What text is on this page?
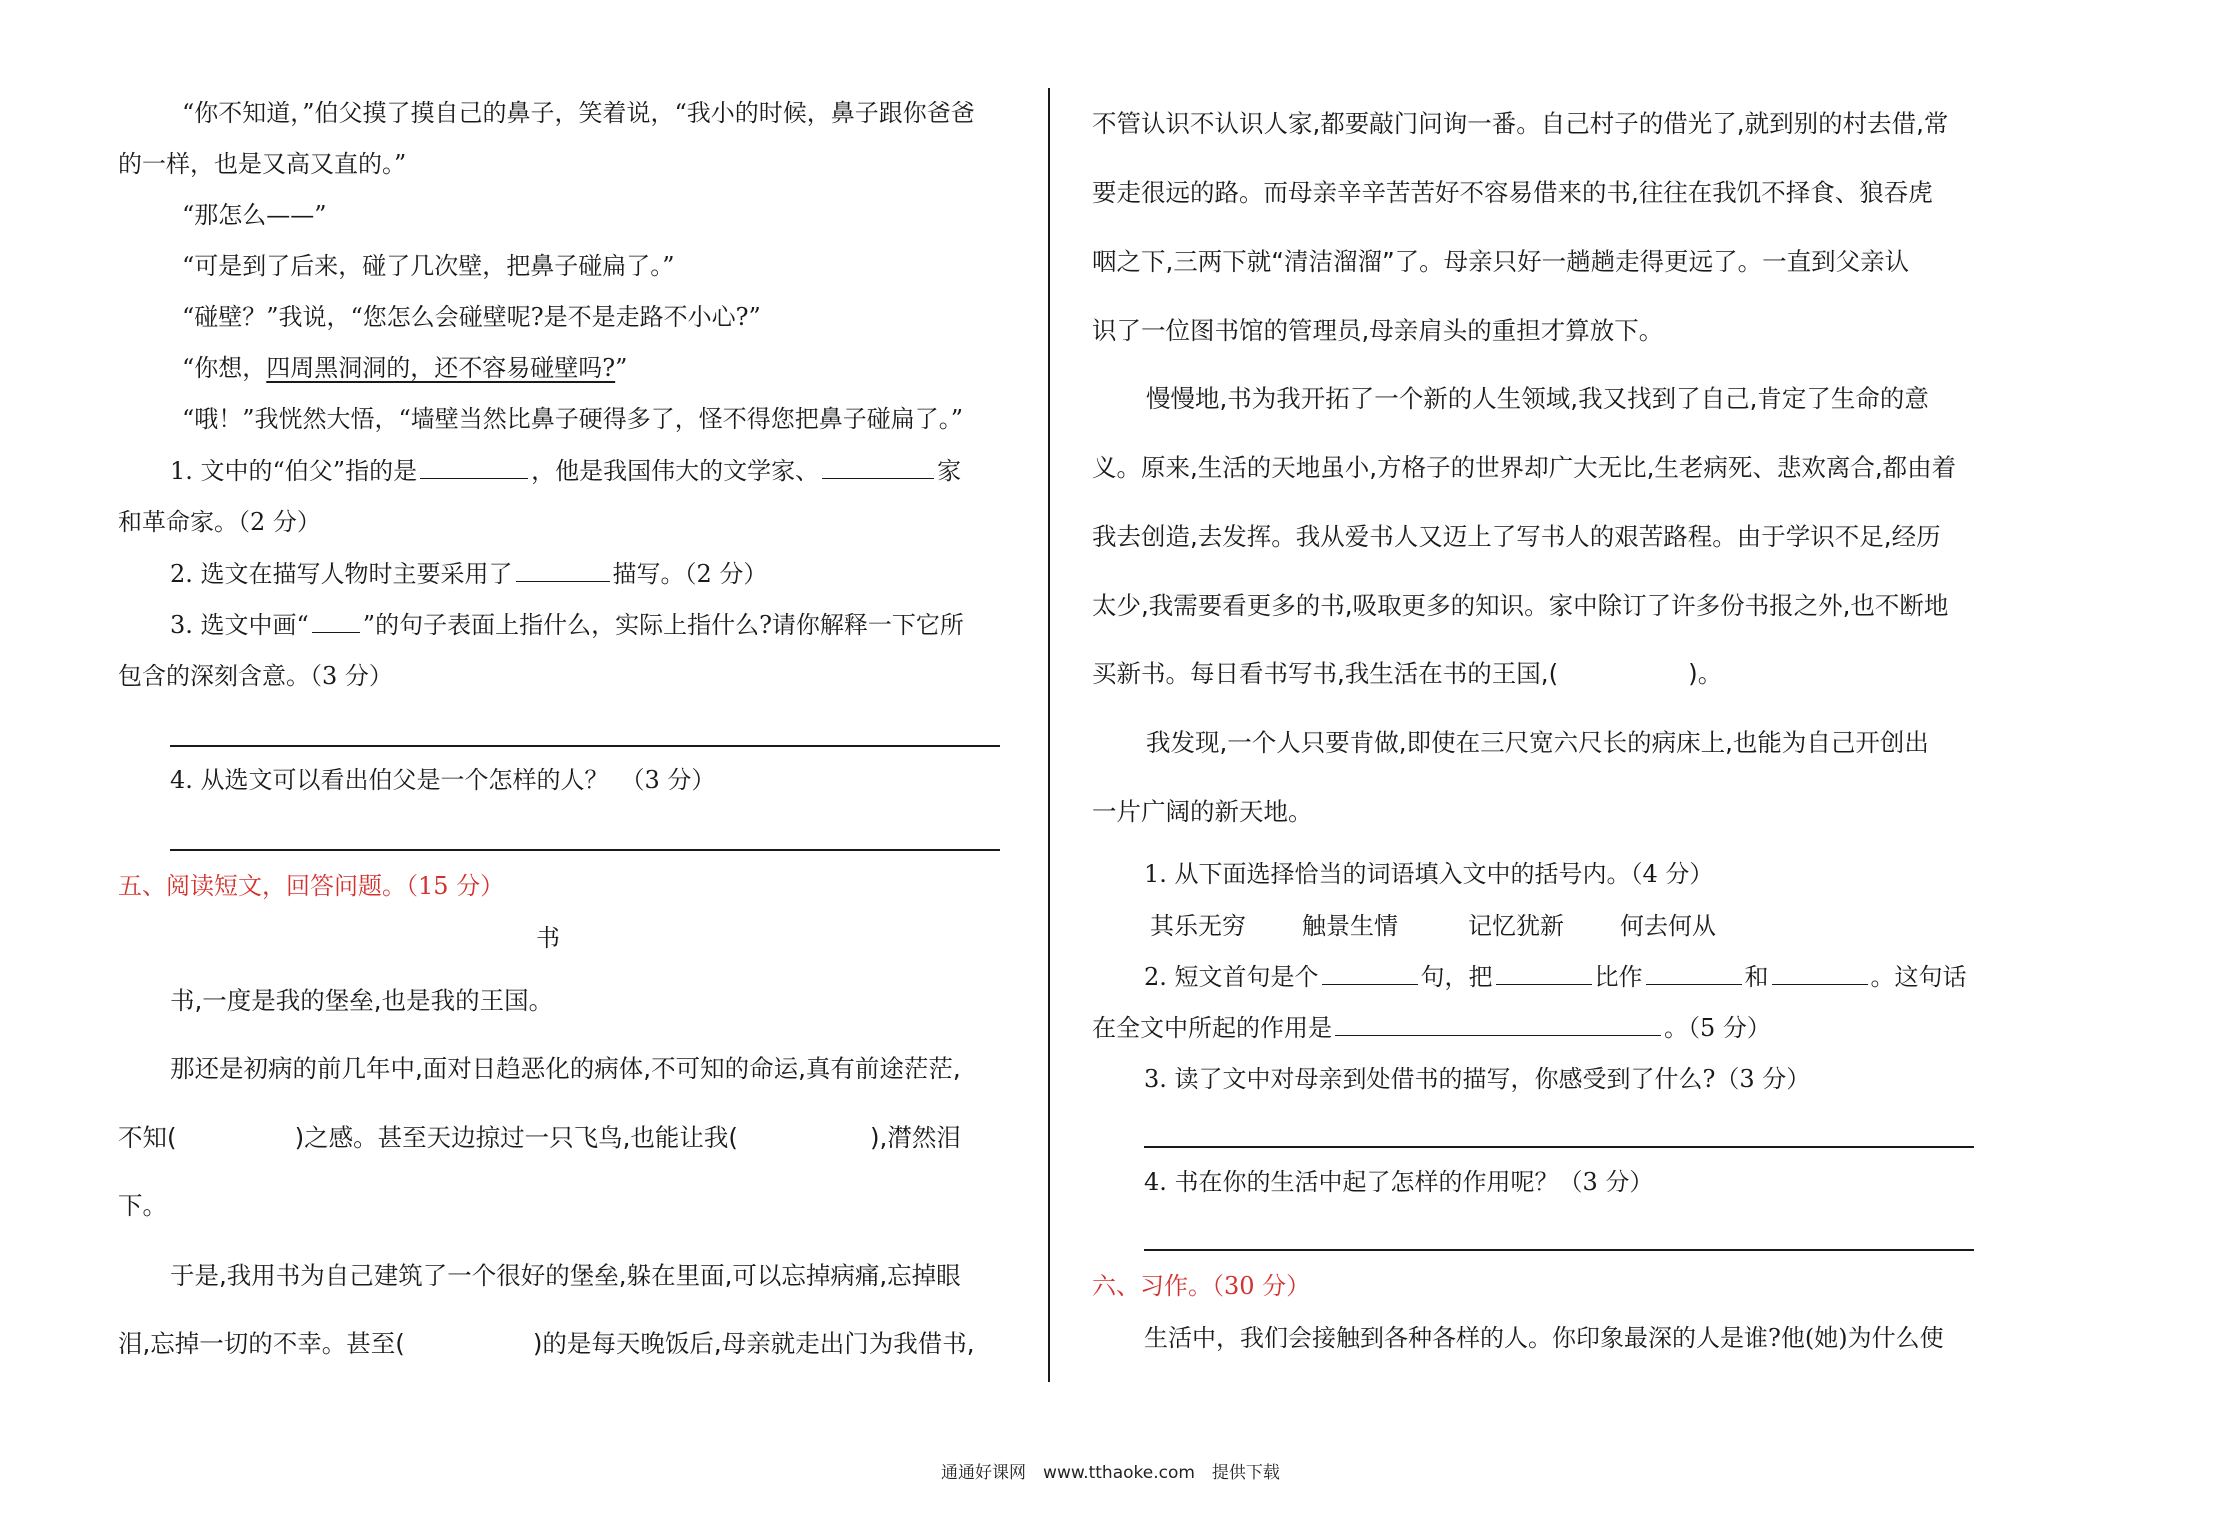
“你不知道，”伯父摸了摸自己的鼻子，笑着说，“我小的时候，鼻子跟你爸爸
的一样，也是又高又直的。”
“那怎么——”
“可是到了后来，碰了几次壁，把鼻子碰扁了。”
“碰壁？”我说，“您怎么会碰壁呢?是不是走路不小心?”
“你想，四周黑洞洞的，还不容易碰壁吗?”
“哦！”我恍然大悟，“墙壁当然比鼻子硬得多了，怪不得您把鼻子碰扁了。”
1. 文中的“伯父”指的是	，他是我国伟大的文学家、	家
和革命家。（2 分）
2. 选文在描写人物时主要采用了	描写。（2 分）
3. 选文中画“ ”的句子表面上指什么，实际上指什么?请你解释一下它所
包含的深刻含意。（3 分）
4. 从选文可以看出伯父是一个怎样的人？　（3 分）
五、阅读短文，回答问题。（15 分）
书
书,一度是我的堡垒,也是我的王国。
那还是初病的前几年中,面对日趋恶化的病体,不可知的命运,真有前途茫茫,
不知(	)之感。甚至天边掠过一只飞鸟,也能让我(	),潸然泪
下。
于是,我用书为自己建筑了一个很好的堡垒,躲在里面,可以忘掉病痛,忘掉眼
泪,忘掉一切的不幸。甚至(	)的是每天晚饭后,母亲就走出门为我借书,
不管认识不认识人家,都要敲门问询一番。自己村子的借光了,就到别的村去借,常
要走很远的路。而母亲辛辛苦苦好不容易借来的书,往往在我饥不择食、狼吞虎
咽之下,三两下就“清洁溜溜”了。母亲只好一趟趟走得更远了。一直到父亲认
识了一位图书馆的管理员,母亲肩头的重担才算放下。
慢慢地,书为我开拓了一个新的人生领域,我又找到了自己,肯定了生命的意
义。原来,生活的天地虽小,方格子的世界却广大无比,生老病死、悲欢离合,都由着
我去创造,去发挥。我从爱书人又迈上了写书人的艰苦路程。由于学识不足,经历
太少,我需要看更多的书,吸取更多的知识。家中除订了许多份书报之外,也不断地
买新书。每日看书写书,我生活在书的王国,(	)。
我发现,一个人只要肯做,即使在三尺宽六尺长的病床上,也能为自己开创出
一片广阔的新天地。
1. 从下面选择恰当的词语填入文中的括号内。（4 分）
其乐无穷 触景生情	记忆犹新 何去何从
2. 短文首句是个	句，把	比作	和	。这句话
在全文中所起的作用是	。（5 分）
3. 读了文中对母亲到处借书的描写，你感受到了什么?（3 分）
4. 书在你的生活中起了怎样的作用呢？（3 分）
六、习作。（30 分）
生活中，我们会接触到各种各样的人。你印象最深的人是谁?他(她)为什么使
通通好课网　www.tthaoke.com　提供下载
